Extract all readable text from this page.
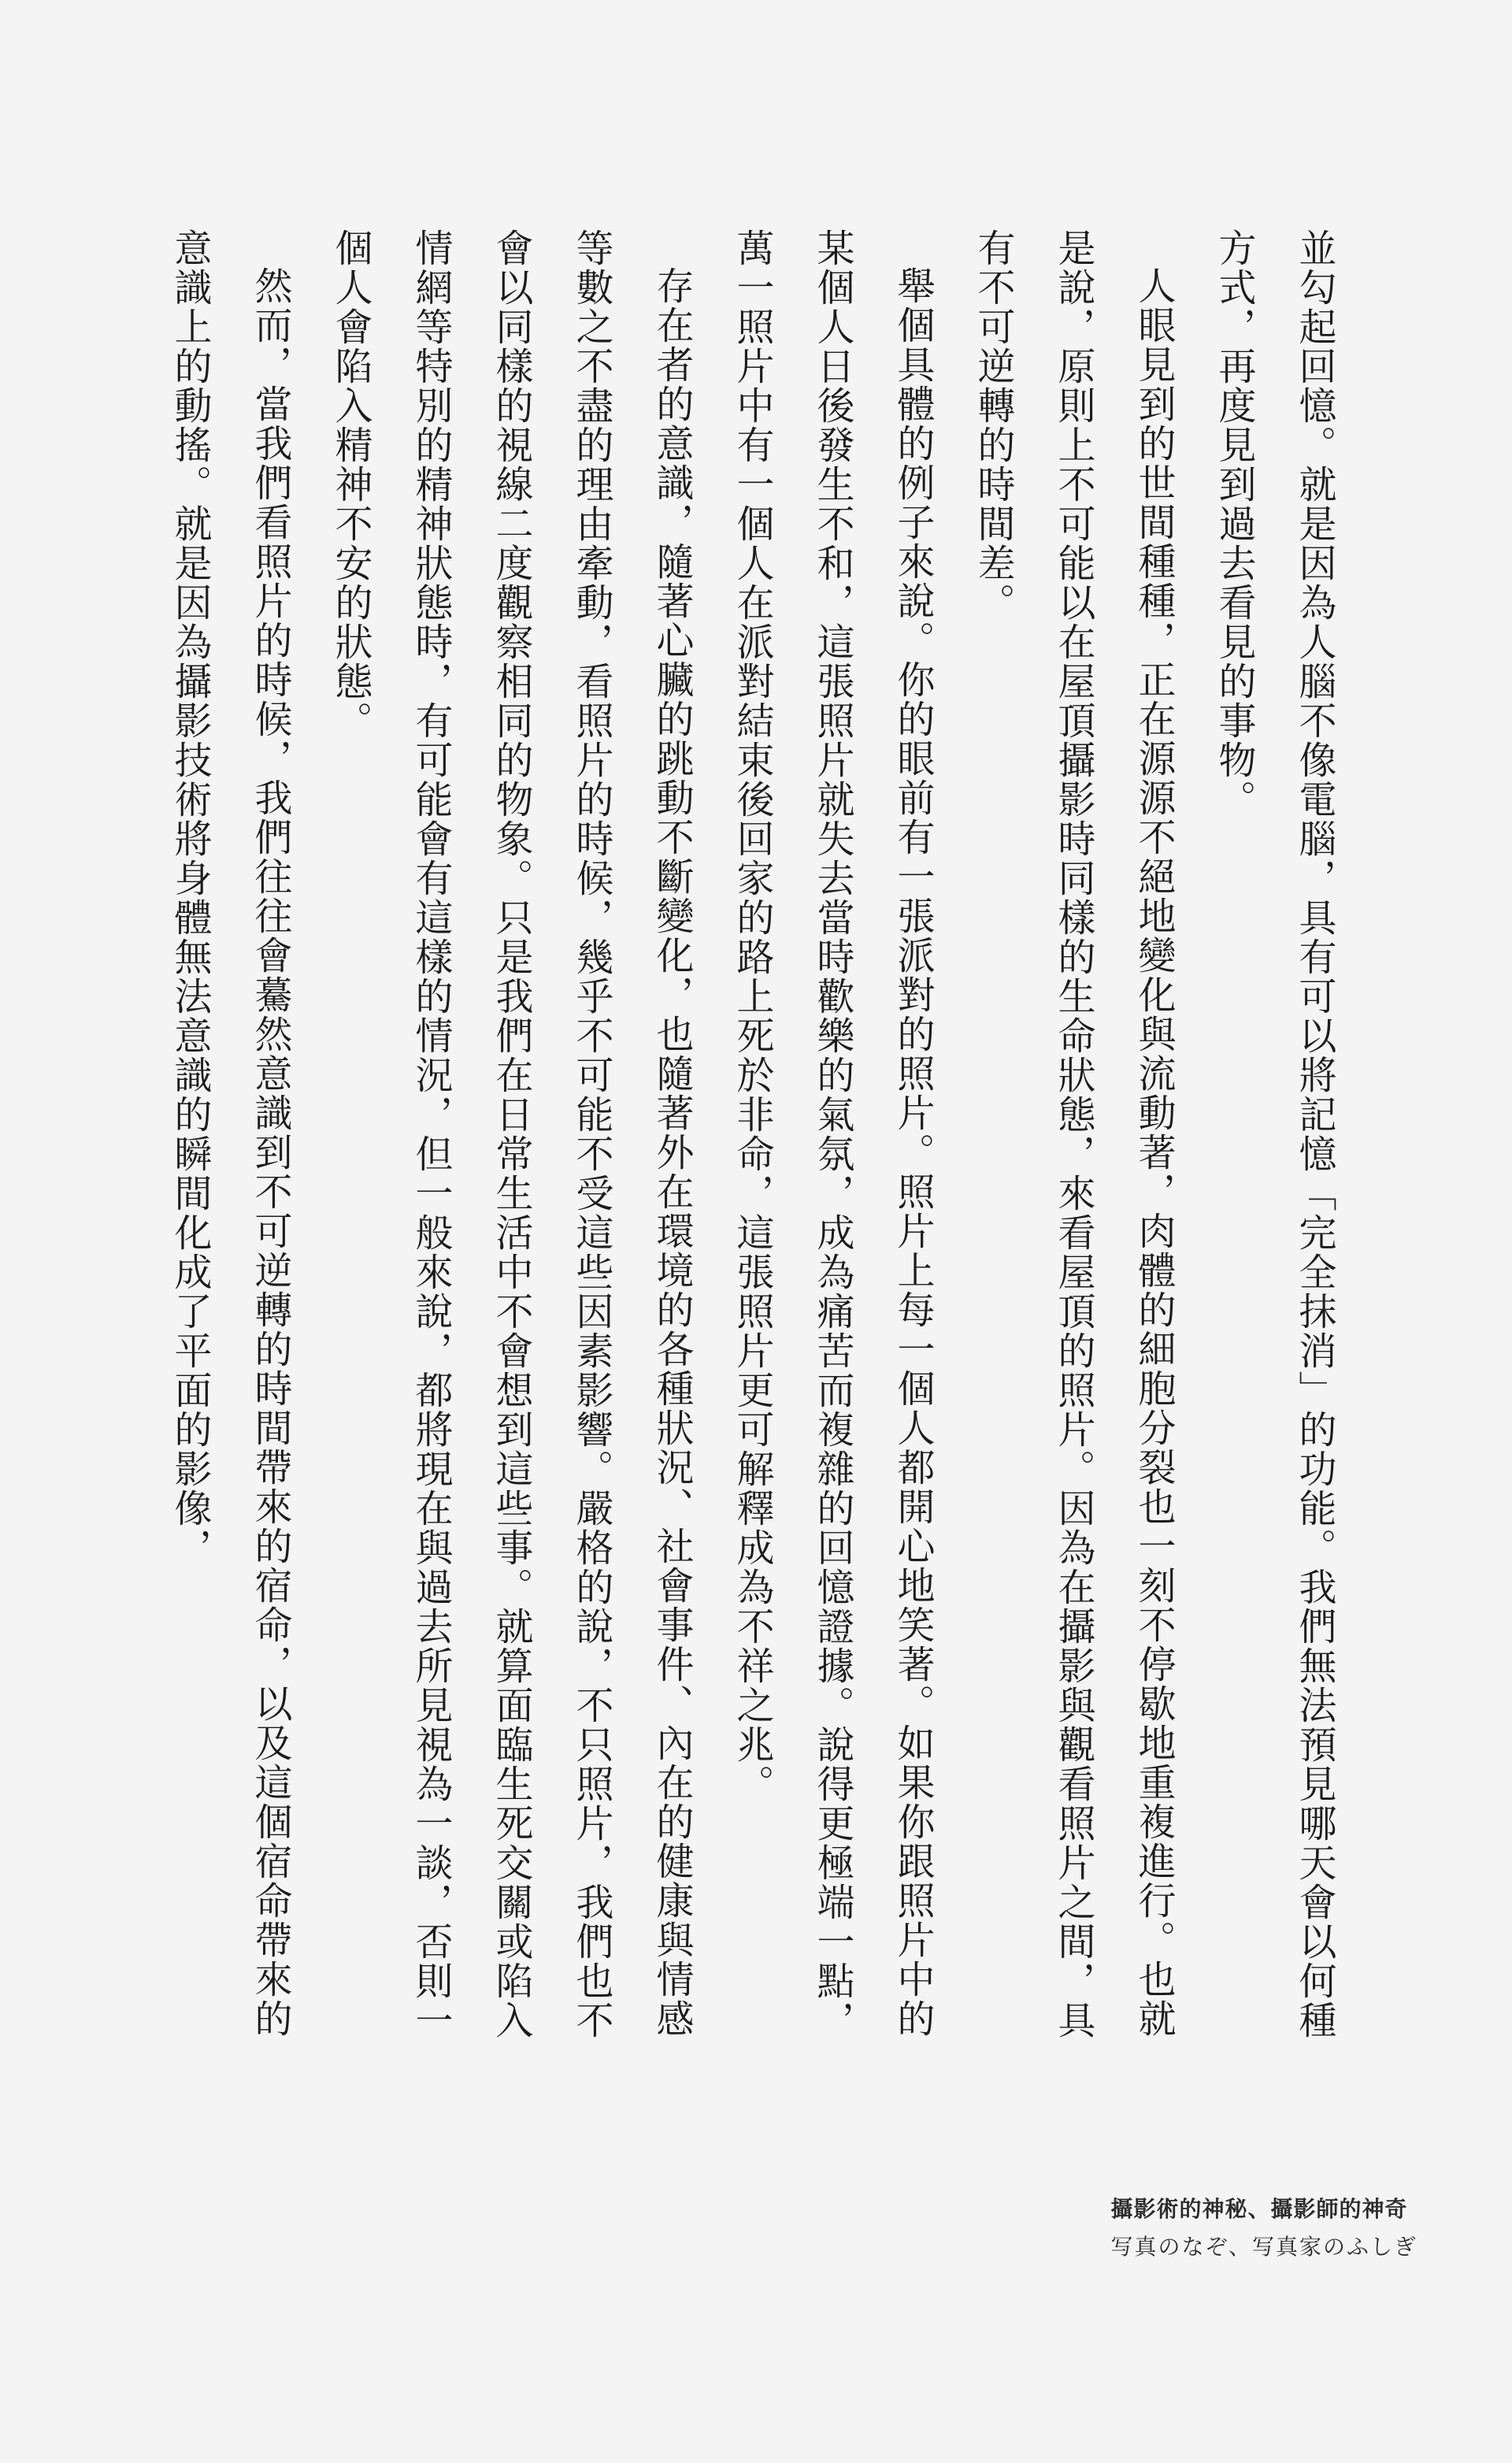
並勾起回憶。就是因為人腦不像電腦，具有可以將記憶「完全抹消」的功能。我們無法預見哪天會以何種方式，再度見到過去看見的事物。

人眼見到的世間種種，正在源源不絕地變化與流動著，肉體的細胞分裂也一刻不停歇地重複進行。也就是說，原則上不可能以在屋頂攝影時同樣的生命狀態，來看屋頂的照片。因為在攝影與觀看照片之間，具有不可逆轉的時間差。

舉個具體的例子來說。你的眼前有一張派對的照片。照片上每一個人都開心地笑著。如果你跟照片中的某個人日後發生不和，這張照片就失去當時歡樂的氣氛，成為痛苦而複雜的回憶證據。說得更極端一點，萬一照片中有一個人在派對結束後回家的路上死於非命，這張照片更可解釋成為不祥之兆。

存在者的意識，隨著心臟的跳動不斷變化，也隨著外在環境的各種狀況、社會事件、內在的健康與情感等數之不盡的理由牽動，看照片的時候，幾乎不可能不受這些因素影響。嚴格的說，不只照片，我們也不會以同樣的視線二度觀察相同的物象。只是我們在日常生活中不會想到這些事。就算面臨生死交關或陷入情網等特別的精神狀態時，有可能會有這樣的情況，但一般來說，都將現在與過去所見視為一談，否則一個人會陷入精神不安的狀態。

然而，當我們看照片的時候，我們往往會驀然意識到不可逆轉的時間帶來的宿命，以及這個宿命帶來的意識上的動搖。就是因為攝影技術將身體無法意識的瞬間化成了平面的影像，

攝影術的神秘、攝影師的神奇
写真のなぞ、写真家のふしぎ
